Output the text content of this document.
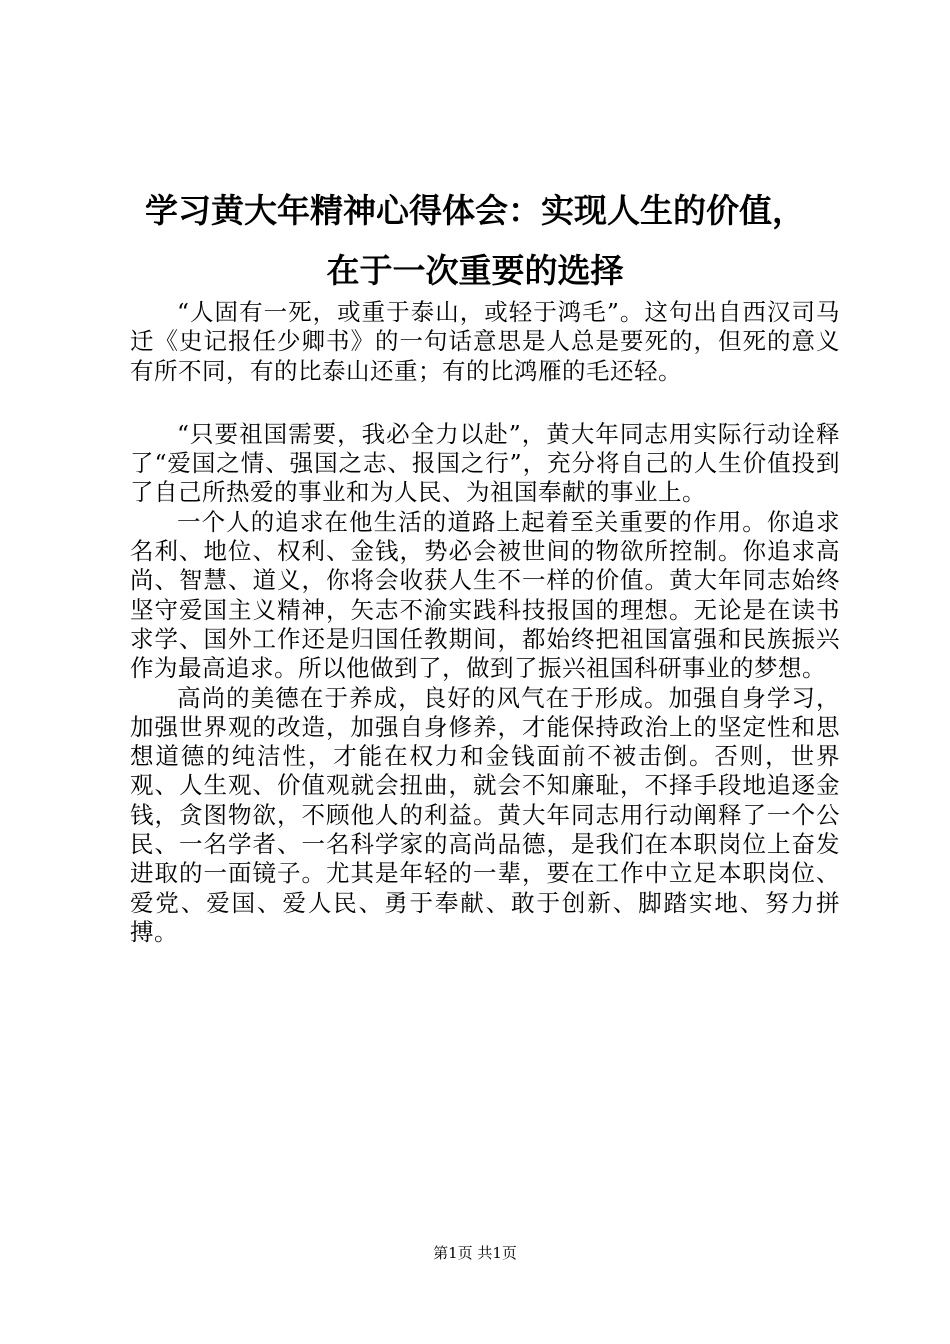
学习黄大年精神心得体会：实现人生的价值，
在于一次重要的选择

“人固有一死，或重于泰山，或轻于鸿毛”。这句出自西汉司马迁《史记报任少卿书》的一句话意思是人总是要死的，但死的意义有所不同，有的比泰山还重；有的比鸿雁的毛还轻。

“只要祖国需要，我必全力以赴”，黄大年同志用实际行动诠释了“爱国之情、强国之志、报国之行”，充分将自己的人生价值投到了自己所热爱的事业和为人民、为祖国奉献的事业上。

一个人的追求在他生活的道路上起着至关重要的作用。你追求名利、地位、权利、金钱，势必会被世间的物欲所控制。你追求高尚、智慧、道义，你将会收获人生不一样的价值。黄大年同志始终坚守爱国主义精神，矢志不渝实践科技报国的理想。无论是在读书求学、国外工作还是归国任教期间，都始终把祖国富强和民族振兴作为最高追求。所以他做到了，做到了振兴祖国科研事业的梦想。

高尚的美德在于养成，良好的风气在于形成。加强自身学习，加强世界观的改造，加强自身修养，才能保持政治上的坚定性和思想道德的纯洁性，才能在权力和金钱面前不被击倒。否则，世界观、人生观、价值观就会扭曲，就会不知廉耻，不择手段地追逐金钱，贪图物欲，不顾他人的利益。黄大年同志用行动阐释了一个公民、一名学者、一名科学家的高尚品德，是我们在本职岗位上奋发进取的一面镜子。尤其是年轻的一辈，要在工作中立足本职岗位、爱党、爱国、爱人民、勇于奉献、敢于创新、脚踏实地、努力拼搏。

第1页 共1页
